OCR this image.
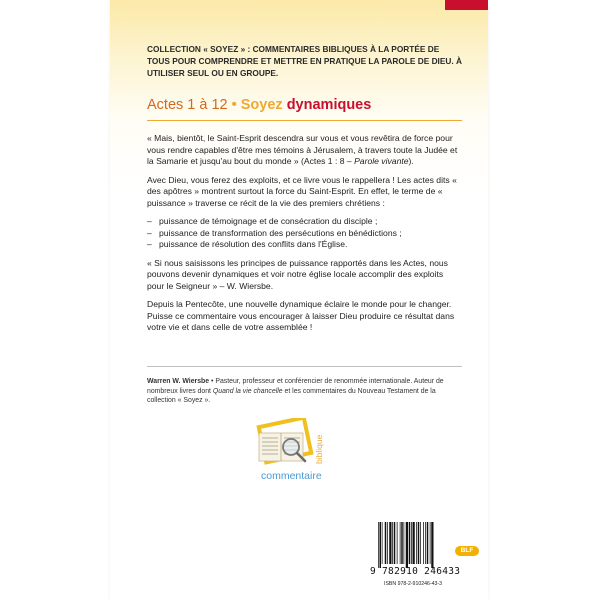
COLLECTION « SOYEZ » : COMMENTAIRES BIBLIQUES À LA PORTÉE DE TOUS POUR COMPRENDRE ET METTRE EN PRATIQUE LA PAROLE DE DIEU. À UTILISER SEUL OU EN GROUPE.
Actes 1 à 12 • Soyez dynamiques

« Mais, bientôt, le Saint-Esprit descendra sur vous et vous revêtira de force pour vous rendre capables d'être mes témoins à Jérusalem, à travers toute la Judée et la Samarie et jusqu'au bout du monde » (Actes 1 : 8 – Parole vivante).

Avec Dieu, vous ferez des exploits, et ce livre vous le rappellera ! Les actes dits « des apôtres » montrent surtout la force du Saint-Esprit. En effet, le terme de « puissance » traverse ce récit de la vie des premiers chrétiens :

– puissance de témoignage et de consécration du disciple ;
– puissance de transformation des persécutions en bénédictions ;
– puissance de résolution des conflits dans l'Église.

« Si nous saisissons les principes de puissance rapportés dans les Actes, nous pouvons devenir dynamiques et voir notre église locale accomplir des exploits pour le Seigneur » – W. Wiersbe.

Depuis la Pentecôte, une nouvelle dynamique éclaire le monde pour le changer. Puisse ce commentaire vous encourager à laisser Dieu produire ce résultat dans votre vie et dans celle de votre assemblée !

Warren W. Wiersbe • Pasteur, professeur et conférencier de renommée internationale. Auteur de nombreux livres dont Quand la vie chancelle et les commentaires du Nouveau Testament de la collection « Soyez ».
commentaire
biblique
BLF
9 782910 246433
ISBN 978-2-910246-43-3
